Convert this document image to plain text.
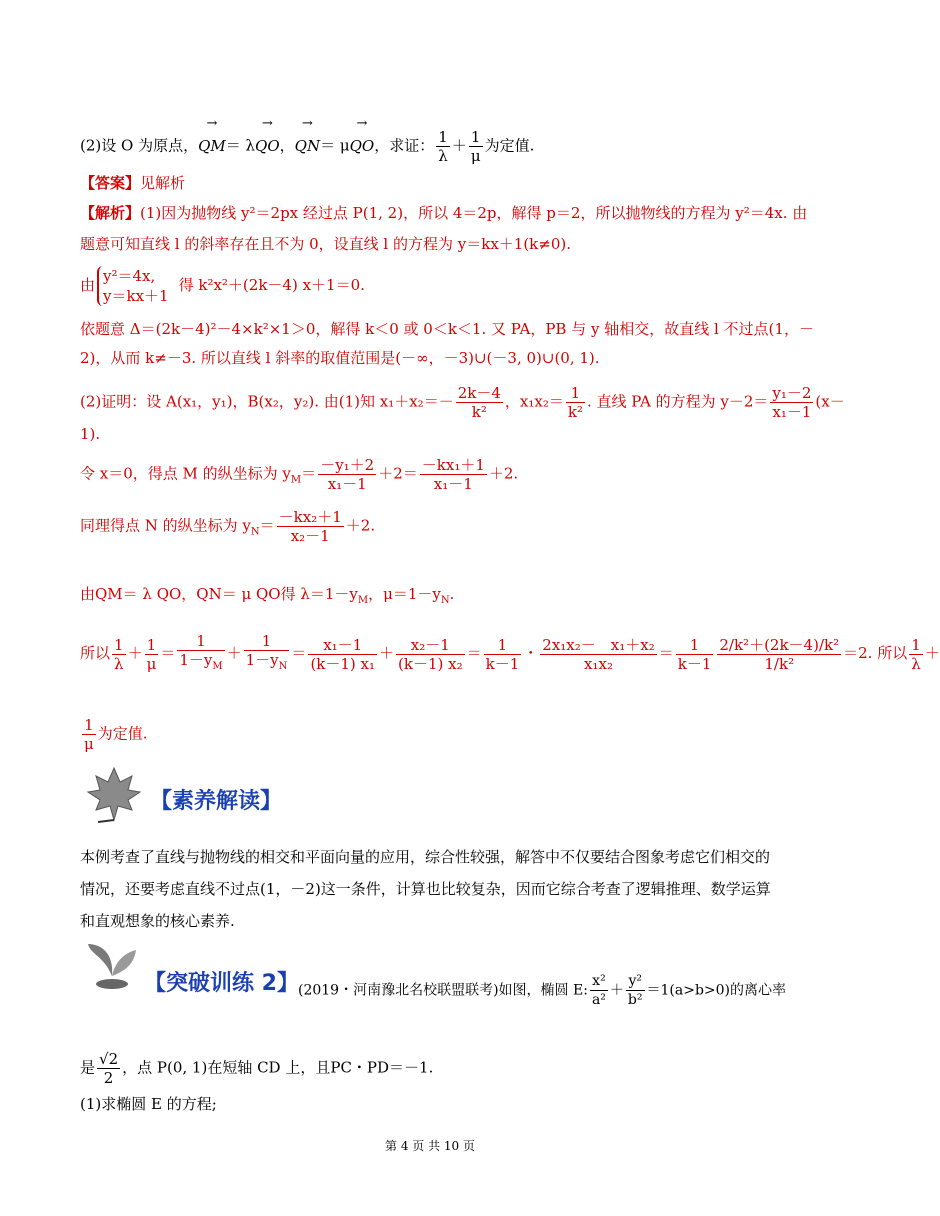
(2)设 O 为原点，→ QM＝ λ→ QO，→ QN＝ μ→ QO，求证： $\frac{1}{\lambda} + \frac{1}{\mu}$ 为定值.
【答案】见解析
【解析】(1)因为抛物线 y²＝2px 经过点 P(1, 2)，所以 4＝2p，解得 p＝2，所以抛物线的方程为 y²＝4x. 由
题意可知直线 l 的斜率存在且不为 0，设直线 l 的方程为 y＝kx＋1(k≠0).
由 y²＝4x,
y＝kx＋1
得 k²x²＋(2k－4) x＋1＝0.
依题意 Δ＝(2k－4)²－4×k²×1＞0，解得 k＜0 或 0＜k＜1. 又 PA，PB 与 y 轴相交，故直线 l 不过点(1，－
2)，从而 k≠－3. 所以直线 l 斜率的取值范围是(－∞，－3)∪(－3, 0)∪(0, 1).
(2)证明：设 A(x₁，y₁)，B(x₂，y₂). 由(1)知 $x_1+x_2=- \frac{2k-4}{\text{k²}}$ ，$x_1x_2= \frac{1}{\text{k²}}$ . 直线 PA 的方程为 $y-2= \frac{\text{y₁－2}}{\text{x₁－1}} (x-$
1).
令 x＝0，得点 M 的纵坐标为 $y_M= \frac{\text{－y₁＋2}}{\text{x₁－1}} +2= \frac{\text{－kx₁＋1}}{\text{x₁－1}} +2$.
同理得点 N 的纵坐标为 $y_N= \frac{\text{－kx₂＋1}}{\text{x₂－1}} +2$.
由QM＝ λ QO，QN＝ μ QO得 $\lambda=1-y_M$，$\mu=1-y_N$.
所以 $\frac{1}{\lambda} + \frac{1}{\mu} = \frac{1}{1-y_M} + \frac{1}{1-y_N} = \frac{\text{x₁－1}}{\text{(k－1) x₁}} + \frac{\text{x₂－1}}{\text{(k－1) x₂}} = \frac{1}{k-1}$ ・ $\frac{\text{2x₁x₂－　x₁＋x₂}}{\text{x₁x₂}} = \frac{1}{k-1} \frac{\text{2/k²＋(2k－4)/k²}}{\text{1/k²}} =2$. 所以 $\frac{1}{\lambda}$ ＋
$\frac{1}{\mu}$ 为定值.
【素养解读】
本例考查了直线与抛物线的相交和平面向量的应用，综合性较强，解答中不仅要结合图象考虑它们相交的
情况，还要考虑直线不过点(1，－2)这一条件，计算也比较复杂，因而它综合考查了逻辑推理、数学运算
和直观想象的核心素养.
【突破训练 2】 (2019・河南豫北名校联盟联考)如图，椭圆 E: $\frac{\text{x²}}{\text{a²}} + \frac{\text{y²}}{\text{b²}} =1(a>b>0)$的离心率
是 $\frac{√2}{2}$ ，点 P(0, 1)在短轴 CD 上，且PC・PD＝－1.
(1)求椭圆 E 的方程;
第 4 页 共 10 页
